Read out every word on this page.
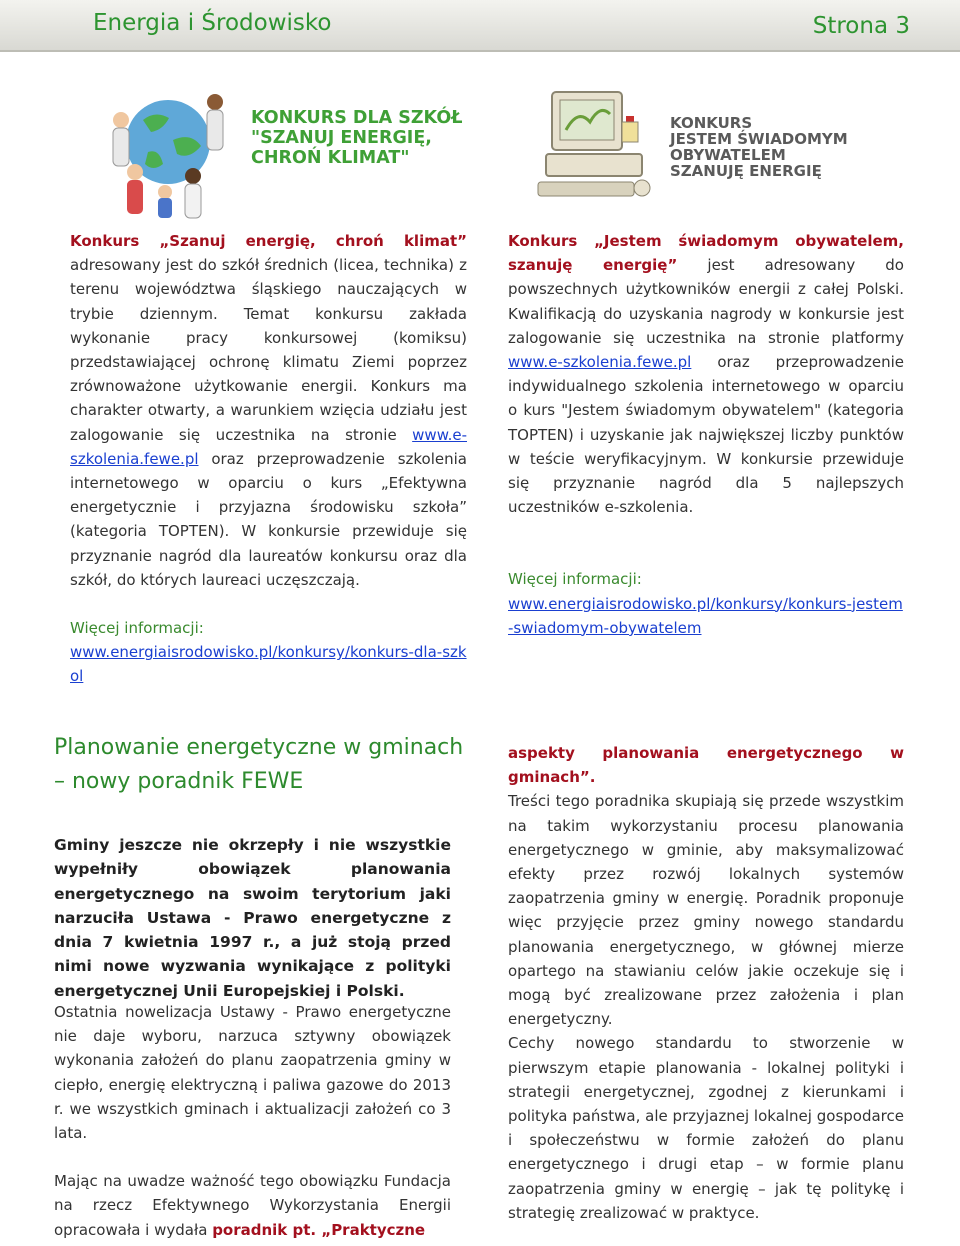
Energia i Środowisko	Strona 3
KONKURS DLA SZKÓŁ
"SZANUJ ENERGIĘ,
CHROŃ KLIMAT"
KONKURS
JESTEM ŚWIADOMYM OBYWATELEM
SZANUJĘ ENERGIĘ

Konkurs „Szanuj energię, chroń klimat” adresowany jest do szkół średnich (licea, technika) z terenu województwa śląskiego nauczających w trybie dziennym. Temat konkursu zakłada wykonanie pracy konkursowej (komiksu) przedstawiającej ochronę klimatu Ziemi poprzez zrównoważone użytkowanie energii. Konkurs ma charakter otwarty, a warunkiem wzięcia udziału jest zalogowanie się uczestnika na stronie www.e-szkolenia.fewe.pl oraz przeprowadzenie szkolenia internetowego w oparciu o kurs „Efektywna energetycznie i przyjazna środowisku szkoła” (kategoria TOPTEN). W konkursie przewiduje się przyznanie nagród dla laureatów konkursu oraz dla szkół, do których laureaci uczęszczają.

Więcej informacji:

www.energiaisrodowisko.pl/konkursy/konkurs-dla-szkol

Konkurs „Jestem świadomym obywatelem, szanuję energię” jest adresowany do powszechnych użytkowników energii z całej Polski. Kwalifikacją do uzyskania nagrody w konkursie jest zalogowanie się uczestnika na stronie platformy www.e-szkolenia.fewe.pl oraz przeprowadzenie indywidualnego szkolenia internetowego w oparciu o kurs "Jestem świadomym obywatelem" (kategoria TOPTEN) i uzyskanie jak największej liczby punktów w teście weryfikacyjnym. W konkursie przewiduje się przyznanie nagród dla 5 najlepszych uczestników e-szkolenia.

Więcej informacji:

www.energiaisrodowisko.pl/konkursy/konkurs-jestem-swiadomym-obywatelem

Planowanie energetyczne w gminach – nowy poradnik FEWE
Gminy jeszcze nie okrzepły i nie wszystkie wypełniły obowiązek planowania energetycznego na swoim terytorium jaki narzuciła Ustawa - Prawo energetyczne z dnia 7 kwietnia 1997 r., a już stoją przed nimi nowe wyzwania wynikające z polityki energetycznej Unii Europejskiej i Polski.

Ostatnia nowelizacja Ustawy - Prawo energetyczne nie daje wyboru, narzuca sztywny obowiązek wykonania założeń do planu zaopatrzenia gminy w ciepło, energię elektryczną i paliwa gazowe do 2013 r. we wszystkich gminach i aktualizacji założeń co 3 lata.

Mając na uwadze ważność tego obowiązku Fundacja na rzecz Efektywnego Wykorzystania Energii opracowała i wydała poradnik pt. „Praktyczne

aspekty planowania energetycznego w gminach”.

Treści tego poradnika skupiają się przede wszystkim na takim wykorzystaniu procesu planowania energetycznego w gminie, aby maksymalizować efekty przez rozwój lokalnych systemów zaopatrzenia gminy w energię. Poradnik proponuje więc przyjęcie przez gminy nowego standardu planowania energetycznego, w głównej mierze opartego na stawianiu celów jakie oczekuje się i mogą być zrealizowane przez założenia i plan energetyczny.

Cechy nowego standardu to stworzenie w pierwszym etapie planowania - lokalnej polityki i strategii energetycznej, zgodnej z kierunkami i polityka państwa, ale przyjaznej lokalnej gospodarce i społeczeństwu w formie założeń do planu energetycznego i drugi etap – w formie planu zaopatrzenia gminy w energię – jak tę politykę i strategię zrealizować w praktyce.
